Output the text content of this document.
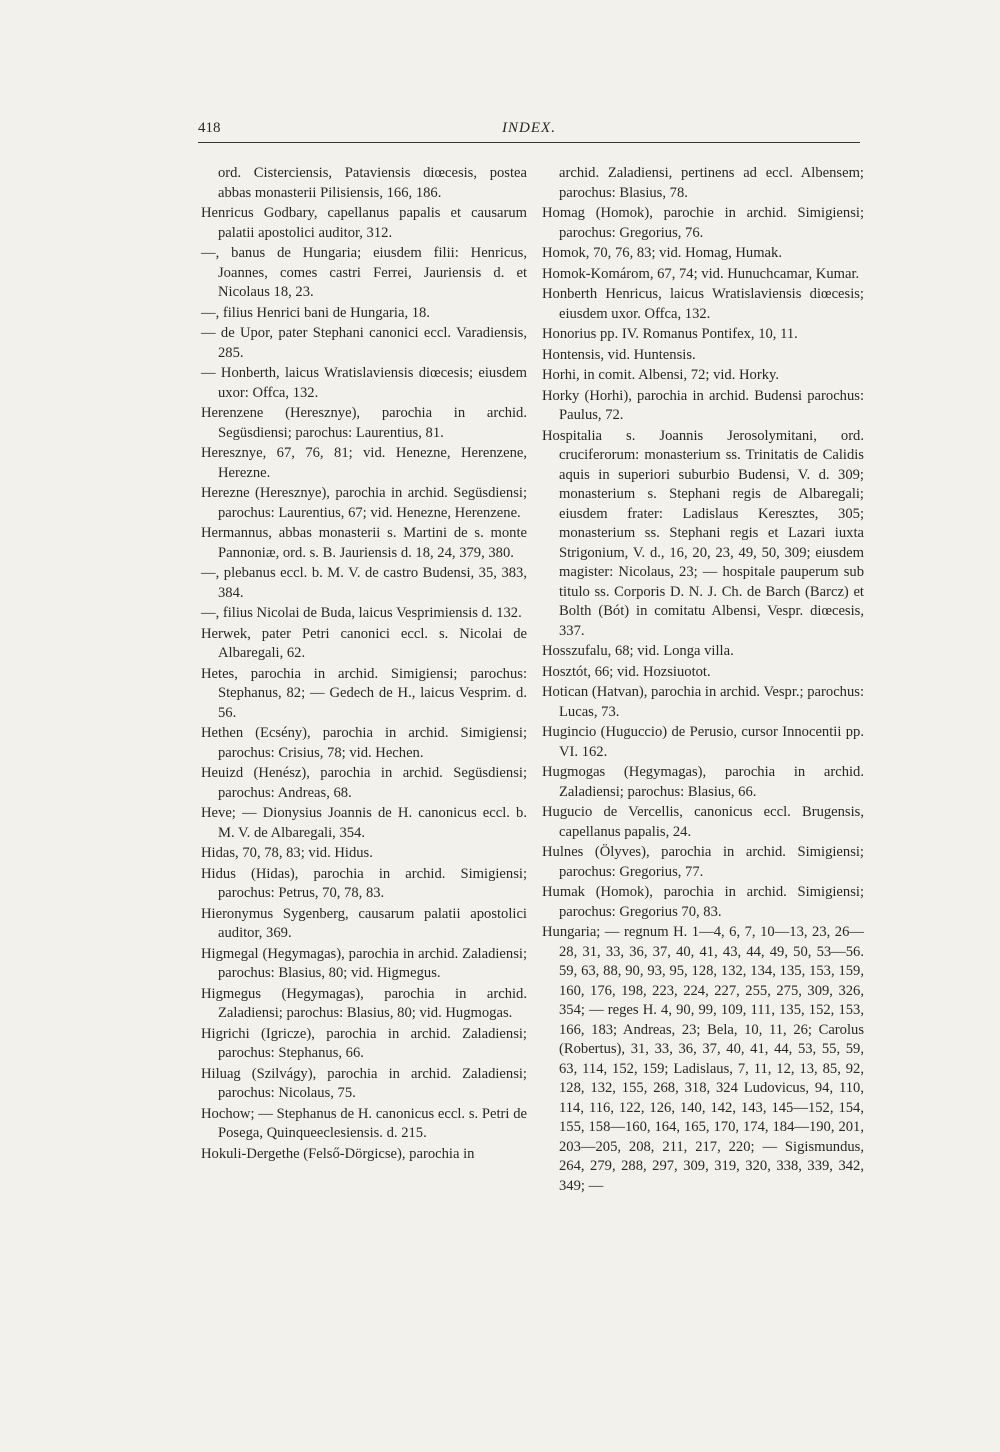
418	INDEX.

ord. Cisterciensis, Pataviensis diœcesis, postea abbas monasterii Pilisiensis, 166, 186.

Henricus Godbary, capellanus papalis et causarum palatii apostolici auditor, 312.

—, banus de Hungaria; eiusdem filii: Henricus, Joannes, comes castri Ferrei, Jauriensis d. et Nicolaus 18, 23.

—, filius Henrici bani de Hungaria, 18.

— de Upor, pater Stephani canonici eccl. Varadiensis, 285.

— Honberth, laicus Wratislaviensis diœcesis; eiusdem uxor: Offca, 132.

Herenzene (Heresznye), parochia in archid. Següsdiensi; parochus: Laurentius, 81.

Heresznye, 67, 76, 81; vid. Henezne, Herenzene, Herezne.

Herezne (Heresznye), parochia in archid. Següsdiensi; parochus: Laurentius, 67; vid. Henezne, Herenzene.

Hermannus, abbas monasterii s. Martini de s. monte Pannoniæ, ord. s. B. Jauriensis d. 18, 24, 379, 380.

—, plebanus eccl. b. M. V. de castro Budensi, 35, 383, 384.

—, filius Nicolai de Buda, laicus Vesprimiensis d. 132.

Herwek, pater Petri canonici eccl. s. Nicolai de Albaregali, 62.

Hetes, parochia in archid. Simigiensi; parochus: Stephanus, 82; — Gedech de H., laicus Vesprim. d. 56.

Hethen (Ecsény), parochia in archid. Simigiensi; parochus: Crisius, 78; vid. Hechen.

Heuizd (Henész), parochia in archid. Següsdiensi; parochus: Andreas, 68.

Heve; — Dionysius Joannis de H. canonicus eccl. b. M. V. de Albaregali, 354.

Hidas, 70, 78, 83; vid. Hidus.

Hidus (Hidas), parochia in archid. Simigiensi; parochus: Petrus, 70, 78, 83.

Hieronymus Sygenberg, causarum palatii apostolici auditor, 369.

Higmegal (Hegymagas), parochia in archid. Zaladiensi; parochus: Blasius, 80; vid. Higmegus.

Higmegus (Hegymagas), parochia in archid. Zaladiensi; parochus: Blasius, 80; vid. Hugmogas.

Higrichi (Igricze), parochia in archid. Zaladiensi; parochus: Stephanus, 66.

Hiluag (Szilvágy), parochia in archid. Zaladiensi; parochus: Nicolaus, 75.

Hochow; — Stephanus de H. canonicus eccl. s. Petri de Posega, Quinqueeclesiensis. d. 215.

Hokuli-Dergethe (Felső-Dörgicse), parochia in

archid. Zaladiensi, pertinens ad eccl. Albensem; parochus: Blasius, 78.

Homag (Homok), parochie in archid. Simigiensi; parochus: Gregorius, 76.

Homok, 70, 76, 83; vid. Homag, Humak.

Homok-Komárom, 67, 74; vid. Hunuchcamar, Kumar.

Honberth Henricus, laicus Wratislaviensis diœcesis; eiusdem uxor. Offca, 132.

Honorius pp. IV. Romanus Pontifex, 10, 11.

Hontensis, vid. Huntensis.

Horhi, in comit. Albensi, 72; vid. Horky.

Horky (Horhi), parochia in archid. Budensi parochus: Paulus, 72.

Hospitalia s. Joannis Jerosolymitani, ord. cruciferorum: monasterium ss. Trinitatis de Calidis aquis in superiori suburbio Budensi, V. d. 309; monasterium s. Stephani regis de Albaregali; eiusdem frater: Ladislaus Keresztes, 305; monasterium ss. Stephani regis et Lazari iuxta Strigonium, V. d., 16, 20, 23, 49, 50, 309; eiusdem magister: Nicolaus, 23; — hospitale pauperum sub titulo ss. Corporis D. N. J. Ch. de Barch (Barcz) et Bolth (Bót) in comitatu Albensi, Vespr. diœcesis, 337.

Hosszufalu, 68; vid. Longa villa.

Hosztót, 66; vid. Hozsiuotot.

Hotican (Hatvan), parochia in archid. Vespr.; parochus: Lucas, 73.

Hugincio (Huguccio) de Perusio, cursor Innocentii pp. VI. 162.

Hugmogas (Hegymagas), parochia in archid. Zaladiensi; parochus: Blasius, 66.

Hugucio de Vercellis, canonicus eccl. Brugensis, capellanus papalis, 24.

Hulnes (Ölyves), parochia in archid. Simigiensi; parochus: Gregorius, 77.

Humak (Homok), parochia in archid. Simigiensi; parochus: Gregorius 70, 83.

Hungaria; — regnum H. 1—4, 6, 7, 10—13, 23, 26—28, 31, 33, 36, 37, 40, 41, 43, 44, 49, 50, 53—56. 59, 63, 88, 90, 93, 95, 128, 132, 134, 135, 153, 159, 160, 176, 198, 223, 224, 227, 255, 275, 309, 326, 354; — reges H. 4, 90, 99, 109, 111, 135, 152, 153, 166, 183; Andreas, 23; Bela, 10, 11, 26; Carolus (Robertus), 31, 33, 36, 37, 40, 41, 44, 53, 55, 59, 63, 114, 152, 159; Ladislaus, 7, 11, 12, 13, 85, 92, 128, 132, 155, 268, 318, 324 Ludovicus, 94, 110, 114, 116, 122, 126, 140, 142, 143, 145—152, 154, 155, 158—160, 164, 165, 170, 174, 184—190, 201, 203—205, 208, 211, 217, 220; — Sigismundus, 264, 279, 288, 297, 309, 319, 320, 338, 339, 342, 349; —
